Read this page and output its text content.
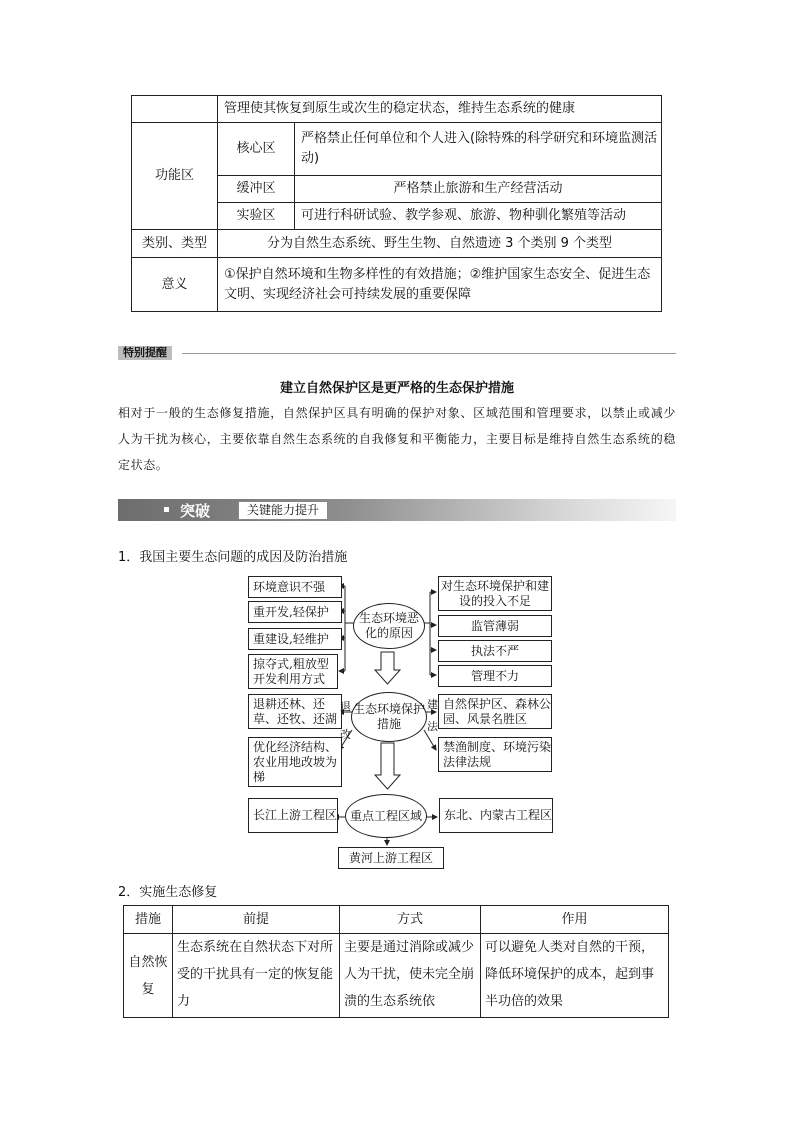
	管理使其恢复到原生或次生的稳定状态，维持生态系统的健康	
功能区	核心区	严格禁止任何单位和个人进入(除特殊的科学研究和环境监测活动)
	缓冲区	严格禁止旅游和生产经营活动
	实验区	可进行科研试验、教学参观、旅游、物种驯化繁殖等活动
类别、类型	分为自然生态系统、野生生物、自然遗迹 3 个类别 9 个类型	
意义	①保护自然环境和生物多样性的有效措施；②维护国家生态安全、促进生态文明、实现经济社会可持续发展的重要保障	
特别提醒
建立自然保护区是更严格的生态保护措施
相对于一般的生态修复措施，自然保护区具有明确的保护对象、区域范围和管理要求，以禁止或减少人为干扰为核心，主要依靠自然生态系统的自我修复和平衡能力，主要目标是维持自然生态系统的稳定状态。
突破	关键能力提升
1．我国主要生态问题的成因及防治措施
环境意识不强
重开发,轻保护
重建设,轻维护
掠夺式,粗放型开发利用方式
生态环境恶化的原因
对生态环境保护和建设的投入不足
监管薄弱
执法不严
管理不力
退耕还林、还草、还牧、还湖
优化经济结构、农业用地改坡为梯
退
改
生态环境保护措施
建
法
自然保护区、森林公园、风景名胜区
禁渔制度、环境污染法律法规
长江上游工程区	重点工程区域	东北、内蒙古工程区
黄河上游工程区
2．实施生态修复
措施	前提	方式	作用
自然恢复	生态系统在自然状态下对所受的干扰具有一定的恢复能力	主要是通过消除或减少人为干扰，使未完全崩溃的生态系统依	可以避免人类对自然的干预，降低环境保护的成本，起到事半功倍的效果
